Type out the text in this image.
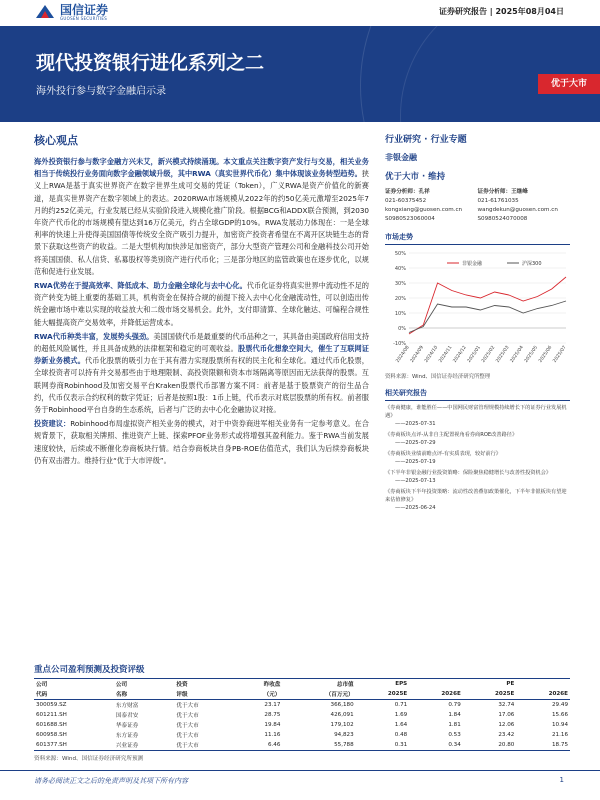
国信证券
GUOSEN SECURITIES
证券研究报告 | 2025年08月04日
现代投资银行进化系列之二
海外投行参与数字金融启示录
优于大市
核心观点

海外投资银行参与数字金融方兴未艾，新兴模式持续涌现。本文重点关注数字资产发行与交易，相关业务相当于传统投行业务面向数字金融领域升级，其中RWA（真实世界代币化）集中体现该业务转型趋势。狭义上RWA是基于真实世界资产在数字世界生成可交易的凭证（Token），广义RWA是资产价值化的新赛道，是真实世界资产在数字领域上的表达。2020RWA市场规模从2022年的约50亿美元激增至2025年7月的约252亿美元，行业发展已经从实验阶段进入规模化推广阶段。根据BCG和ADDX联合预测，到2030年资产代币化的市场规模有望达到16万亿美元，约占全球GDP的10%。RWA发展动力体现在：一是全球利率的快速上升使得美国国债等传统安全资产吸引力提升，加密资产投资者希望在不离开区块链生态的背景下获取这些资产的收益。二是大型机构加快涉足加密资产，部分大型资产管理公司和金融科技公司开始将美国国债、私人信贷、私募股权等类别资产进行代币化；三是部分地区的监管政策也在逐步优化，以规范和促进行业发展。

RWA优势在于提高效率、降低成本、助力金融全球化与去中心化。代币化证券将真实世界中流动性不足的资产转变为链上重要的基础工具，机构资金在保持合规的前提下接入去中心化金融流动性，可以创造出传统金融市场中难以实现的收益放大和二级市场交易机会。此外，支付即清算、全球化触达、可编程合规性能大幅提高资产交易效率，并降低运营成本。

RWA代币种类丰富，发展势头强劲。美国国债代币是最重要的代币品种之一，其具备由美国政府信用支持的超低风险属性，并且具备成熟的法律框架和稳定的可观收益。股票代币化想象空间大，催生了互联网证券新业务模式。代币化股票的吸引力在于其有潜力实现股票所有权的民主化和全球化。通过代币化股票，全球投资者可以持有并交易那些由于地理限制、高投资限额和资本市场隔离等原因而无法获得的股票。互联网券商Robinhood及加密交易平台Kraken股票代币部署方案不同：前者是基于股票资产的衍生品合约，代币仅表示合约权利的数字凭证；后者是按照1股：1币上链，代币表示对底层股票的所有权。前者服务于Robinhood平台自身的生态系统，后者与广泛的去中心化金融协议对接。

投资建议：Robinhood布局虚拟资产相关业务的模式，对于中资券商进军相关业务有一定参考意义。在合规背景下，获取相关牌照、推进资产上链、探索PFOF业务形式或将增强其盈利能力。鉴于RWA当前发展速度较快，后续或不断催化券商板块行情。结合券商板块自身PB-ROE估值范式，我们认为后续券商板块仍有双击潜力。维持行业“优于大市评级”。

行业研究 · 行业专题
非银金融
优于大市 · 维持
证券分析师：孔祥
021-60375452
kongxiang@guosen.com.cn
S0980523060004
证券分析师：王继峰
021-61761035
wangdekun@guosen.com.cn
S0980524070008
市场走势
-10%
0%
10%
20%
30%
40%
50%
2024/08 2024/09 2024/10 2024/11 2024/12 2025/01 2025/02 2025/03 2025/04 2025/05 2025/06 2025/07
非银金融	沪深300
资料来源：Wind、国信证券经济研究所整理
相关研究报告
《券商健康，谁能胜任——中国网民财富管理规模持续增长下的证券行业发展机遇》
——2025-07-31
《券商板块点评-从非自主配置视角看券商ROE改善路径》
——2025-07-29
《券商板块业绩前瞻点评-有实质表现，较好前行》
——2025-07-19
《下半年非银金融行业投资策略：保险聚焦稳健增长与改善性投资机会》
——2025-07-13
《券商板块下半年投资策略：流动性改善叠加政策催化，下半年非银板块有望迎来估值修复》
——2025-06-24
重点公司盈利预测及投资评级
公司	公司	投资	昨收盘	总市值	EPS		PE	
代码	名称	评级	（元）	（百万元）	2025E	2026E	2025E	2026E
300059.SZ	东方财富	优于大市	23.17	366,180	0.71	0.79	32.74	29.49
601211.SH	国泰君安	优于大市	28.75	426,091	1.69	1.84	17.06	15.66
601688.SH	华泰证券	优于大市	19.84	179,102	1.64	1.81	12.06	10.94
600958.SH	东方证券	优于大市	11.16	94,823	0.48	0.53	23.42	21.16
601377.SH	兴业证券	优于大市	6.46	55,788	0.31	0.34	20.80	18.75
资料来源：Wind、国信证券经济研究所预测
请务必阅读正文之后的免责声明及其项下所有内容	1
